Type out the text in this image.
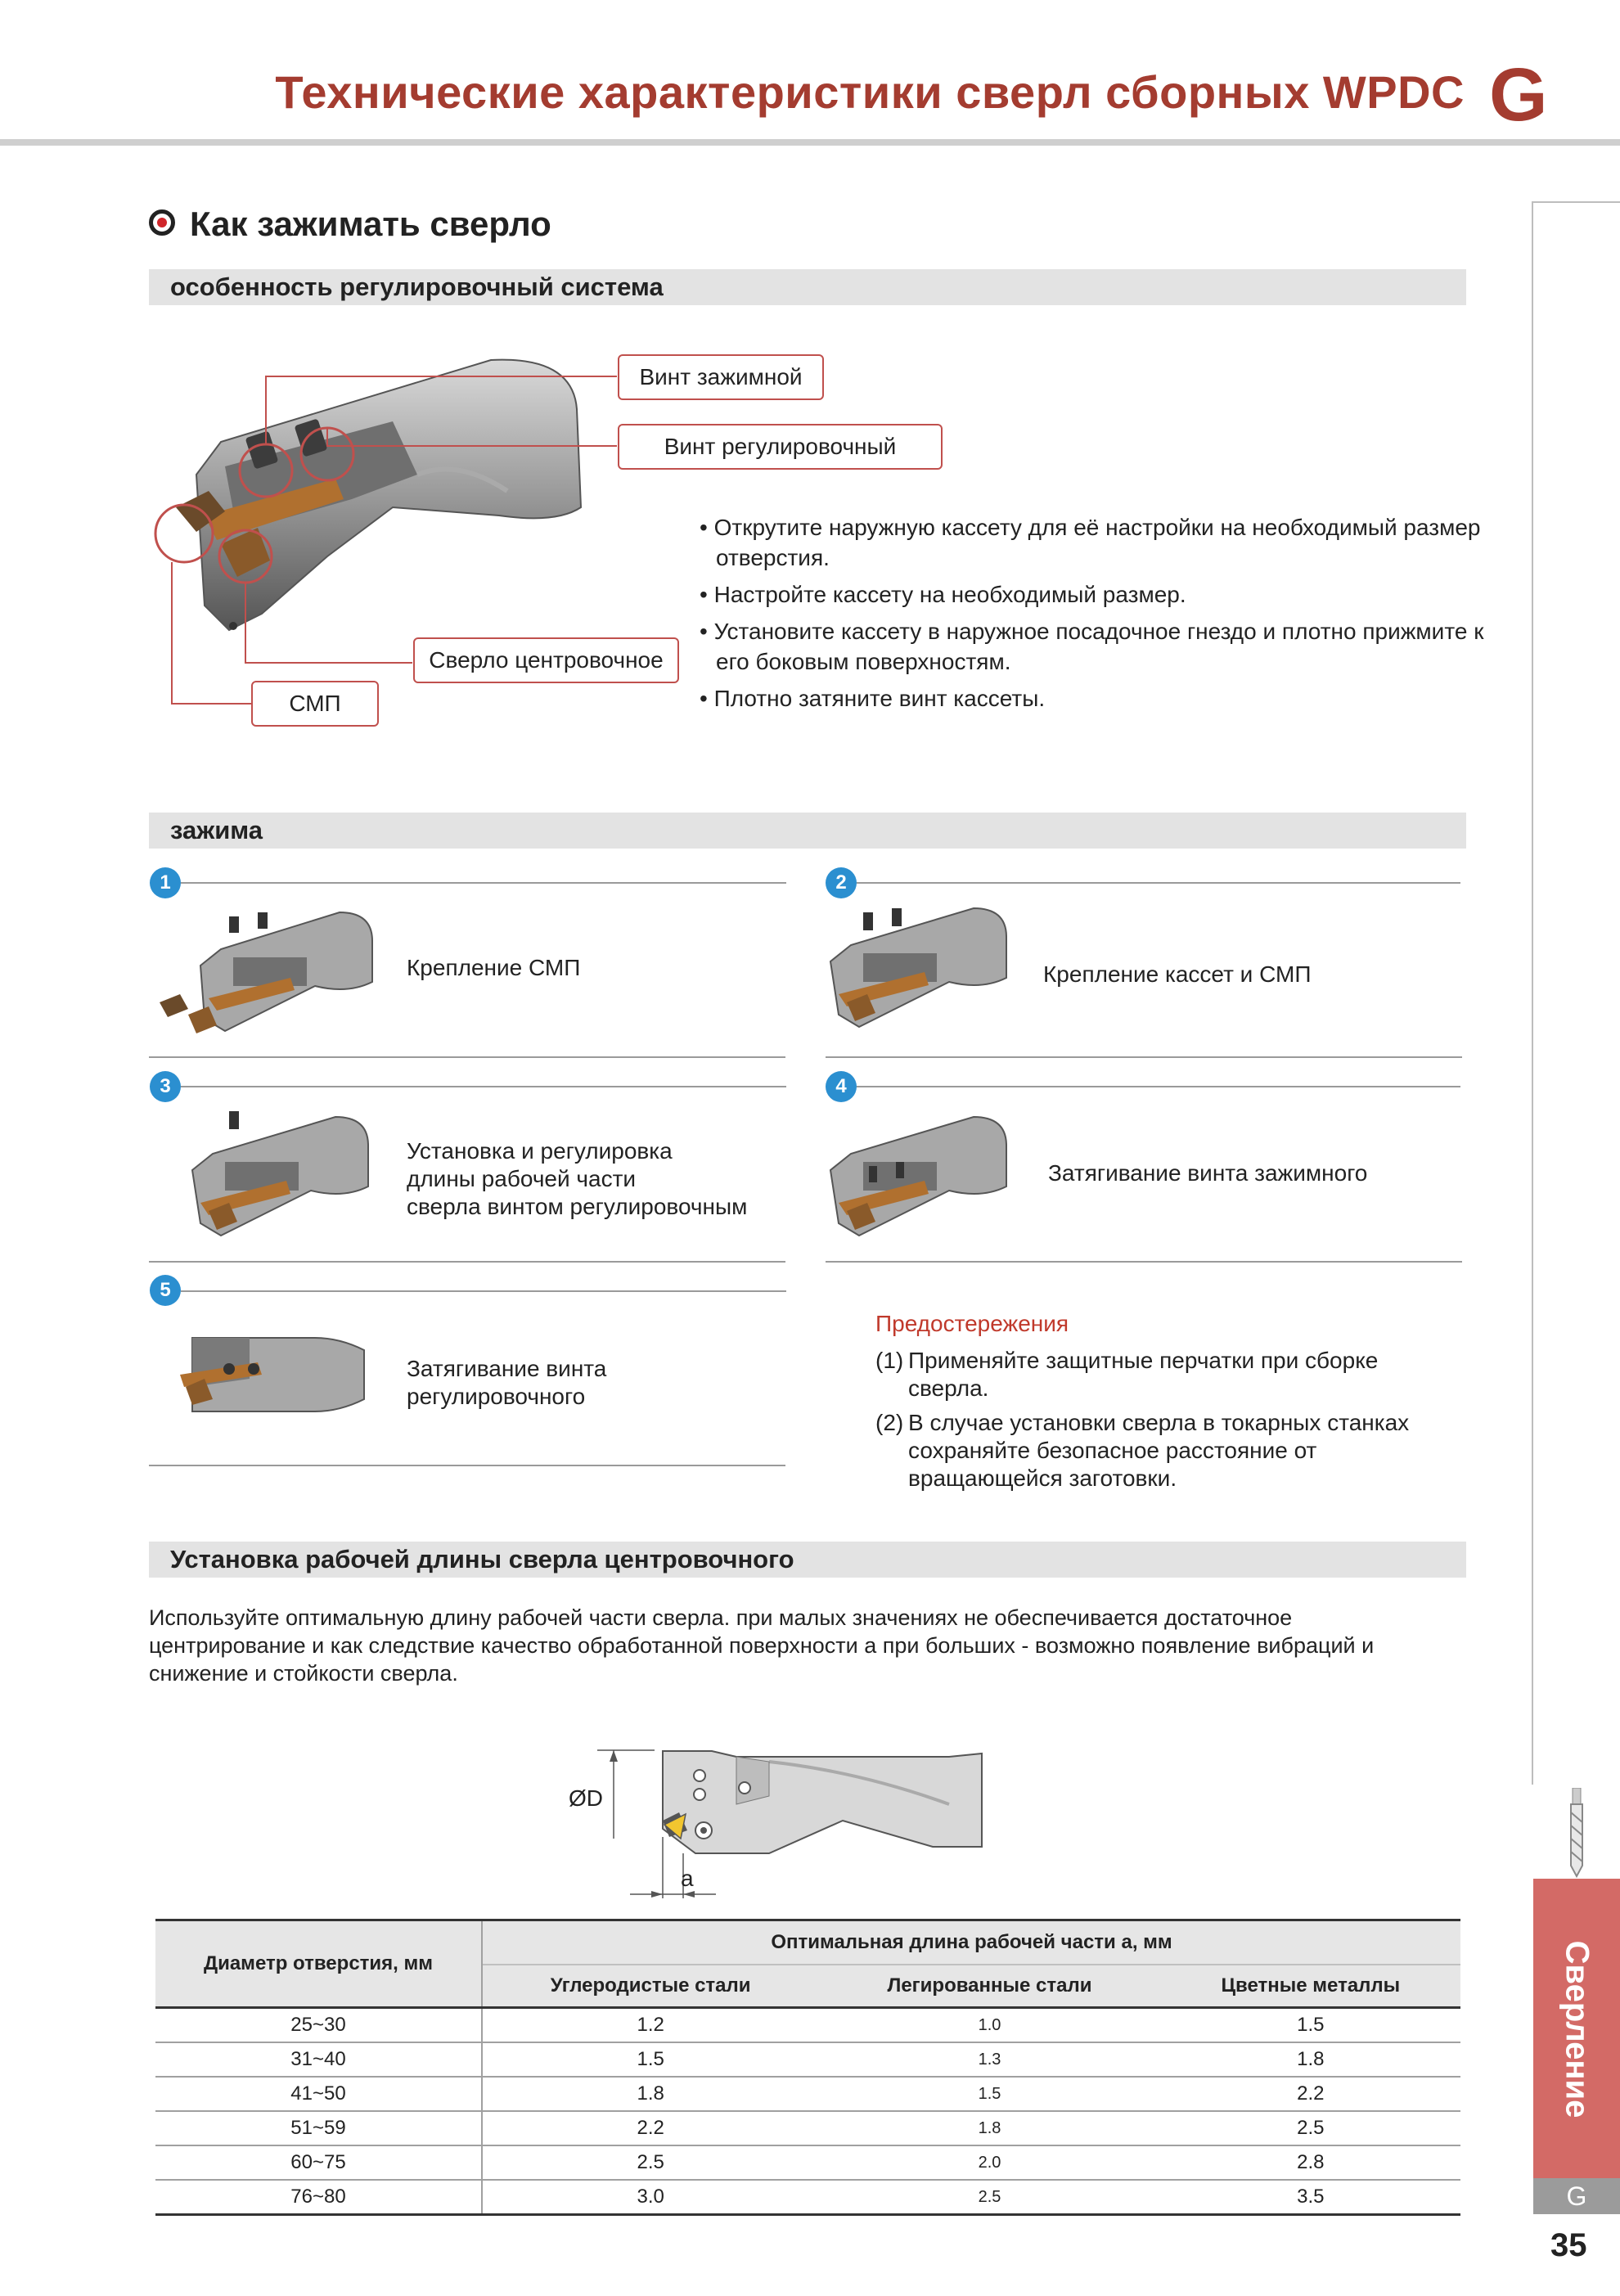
Технические характеристики сверл сборных WPDC G
Сверление
G
35
Как зажимать сверло
особенность регулировочный система
Винт зажимной
Винт регулировочный
Сверло центровочное
СМП
• Открутите наружную кассету для её настройки на необходимый размер отверстия.
• Настройте кассету на необходимый размер.
• Установите кассету в наружное посадочное гнездо и плотно прижмите к его боковым поверхностям.
• Плотно затяните винт кассеты.
зажима
1
Крепление СМП
2
Крепление кассет и СМП
3
Установка и регулировка
длины рабочей части
сверла винтом регулировочным
4
Затягивание винта зажимного
5
Затягивание винта
регулировочного
Предостережения
(1) Применяйте защитные перчатки при сборке
сверла.
(2) В случае установки сверла в токарных станках
сохраняйте безопасное расстояние от
вращающейся заготовки.
Установка рабочей длины сверла центровочного
Используйте оптимальную длину рабочей части сверла. при малых значениях не обеспечивается достаточное
центрирование и как следствие качество обработанной поверхности а при больших - возможно появление вибраций и
снижение и стойкости сверла.
ØD
a
Диаметр отверстия, мм	Оптимальная длина рабочей части a, мм		
	Углеродистые стали	Легированные стали	Цветные металлы
25~30	1.2	1.0	1.5
31~40	1.5	1.3	1.8
41~50	1.8	1.5	2.2
51~59	2.2	1.8	2.5
60~75	2.5	2.0	2.8
76~80	3.0	2.5	3.5
